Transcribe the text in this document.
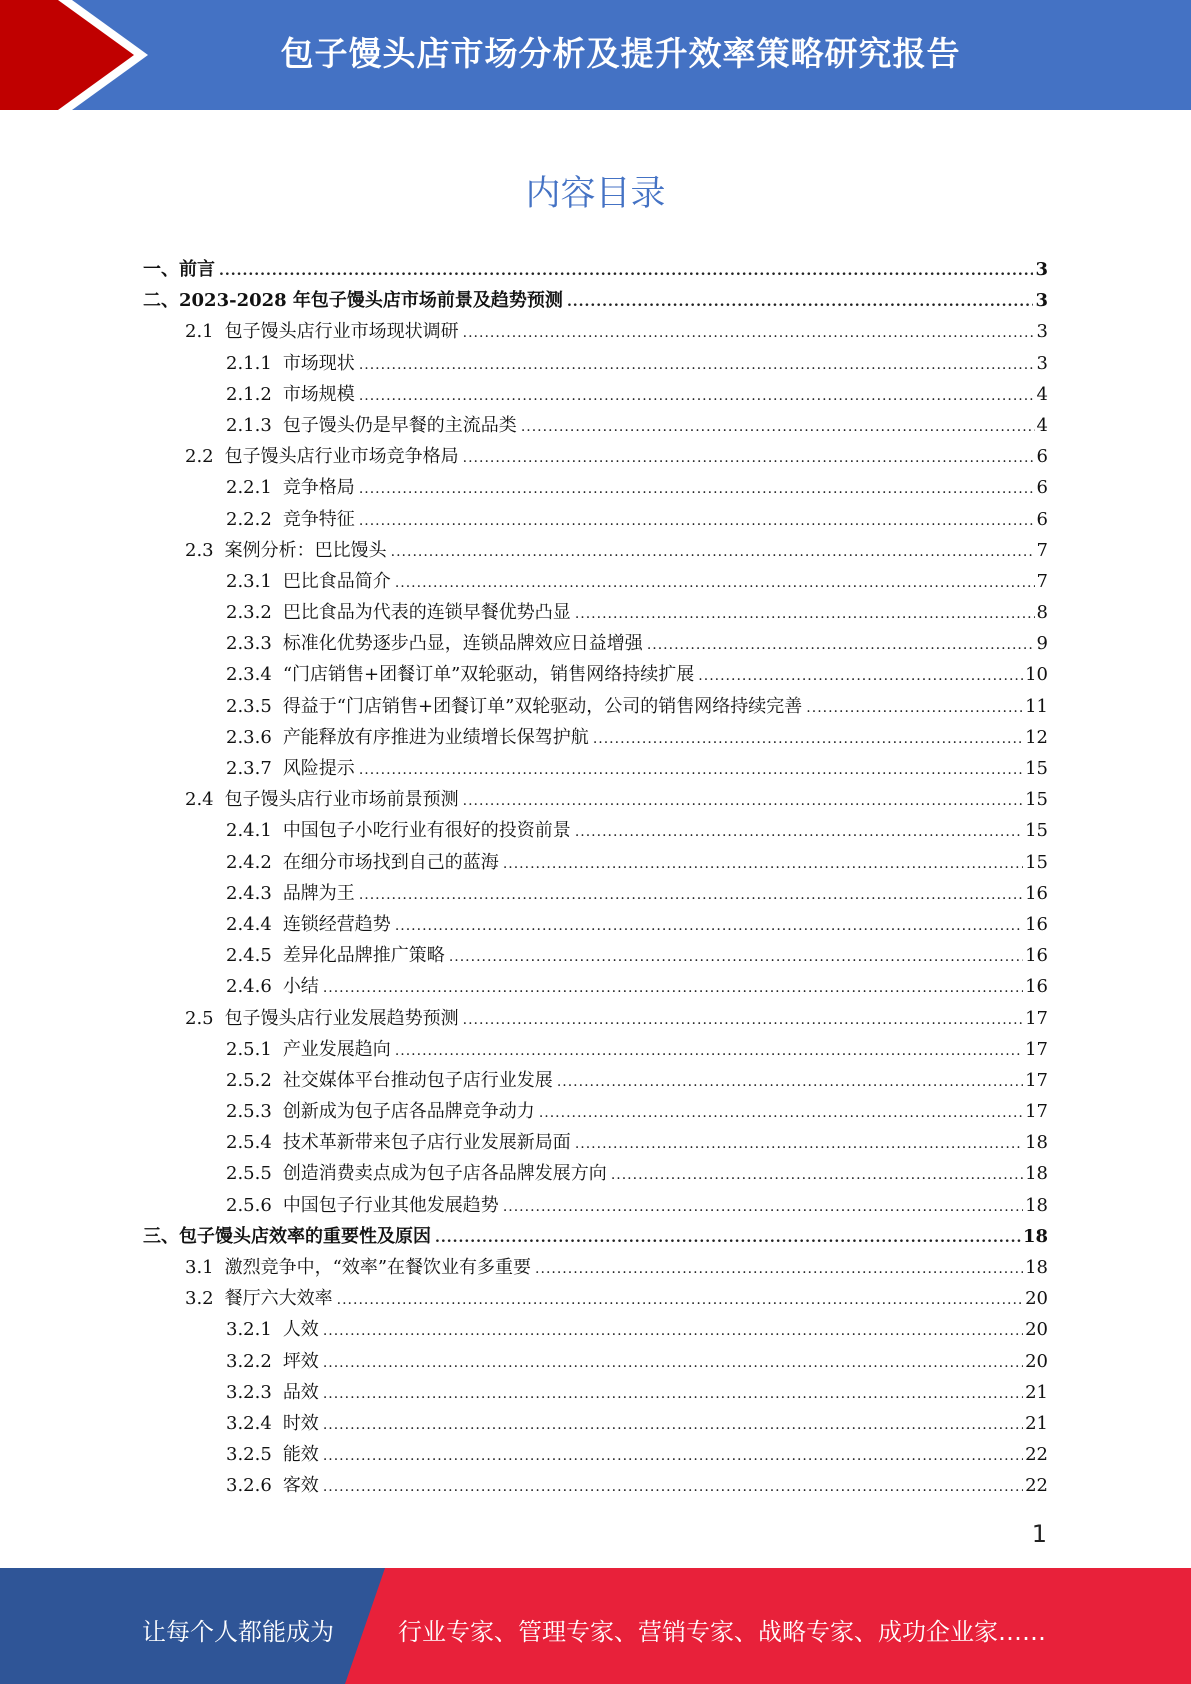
包子馒头店市场分析及提升效率策略研究报告
内容目录
一、前言 .....	3
二、2023-2028 年包子馒头店市场前景及趋势预测 .....	3
2.1 包子馒头店行业市场现状调研 .....	3
2.1.1 市场现状 .....	3
2.1.2 市场规模 .....	4
2.1.3 包子馒头仍是早餐的主流品类 .....	4
2.2 包子馒头店行业市场竞争格局 .....	6
2.2.1 竞争格局 .....	6
2.2.2 竞争特征 .....	6
2.3 案例分析：巴比馒头 .....	7
2.3.1 巴比食品简介 .....	7
2.3.2 巴比食品为代表的连锁早餐优势凸显 .....	8
2.3.3 标准化优势逐步凸显，连锁品牌效应日益增强 .....	9
2.3.4 “门店销售+团餐订单”双轮驱动，销售网络持续扩展 .....	10
2.3.5 得益于“门店销售+团餐订单”双轮驱动，公司的销售网络持续完善 .....	11
2.3.6 产能释放有序推进为业绩增长保驾护航 .....	12
2.3.7 风险提示 .....	15
2.4 包子馒头店行业市场前景预测 .....	15
2.4.1 中国包子小吃行业有很好的投资前景 .....	15
2.4.2 在细分市场找到自己的蓝海 .....	15
2.4.3 品牌为王 .....	16
2.4.4 连锁经营趋势 .....	16
2.4.5 差异化品牌推广策略 .....	16
2.4.6 小结 .....	16
2.5 包子馒头店行业发展趋势预测 .....	17
2.5.1 产业发展趋向 .....	17
2.5.2 社交媒体平台推动包子店行业发展 .....	17
2.5.3 创新成为包子店各品牌竞争动力 .....	17
2.5.4 技术革新带来包子店行业发展新局面 .....	18
2.5.5 创造消费卖点成为包子店各品牌发展方向 .....	18
2.5.6 中国包子行业其他发展趋势 .....	18
三、包子馒头店效率的重要性及原因 .....	18
3.1 激烈竞争中，“效率”在餐饮业有多重要 .....	18
3.2 餐厅六大效率 .....	20
3.2.1 人效 .....	20
3.2.2 坪效 .....	20
3.2.3 品效 .....	21
3.2.4 时效 .....	21
3.2.5 能效 .....	22
3.2.6 客效 .....	22
1
让每个人都能成为	行业专家、管理专家、营销专家、战略专家、成功企业家……
